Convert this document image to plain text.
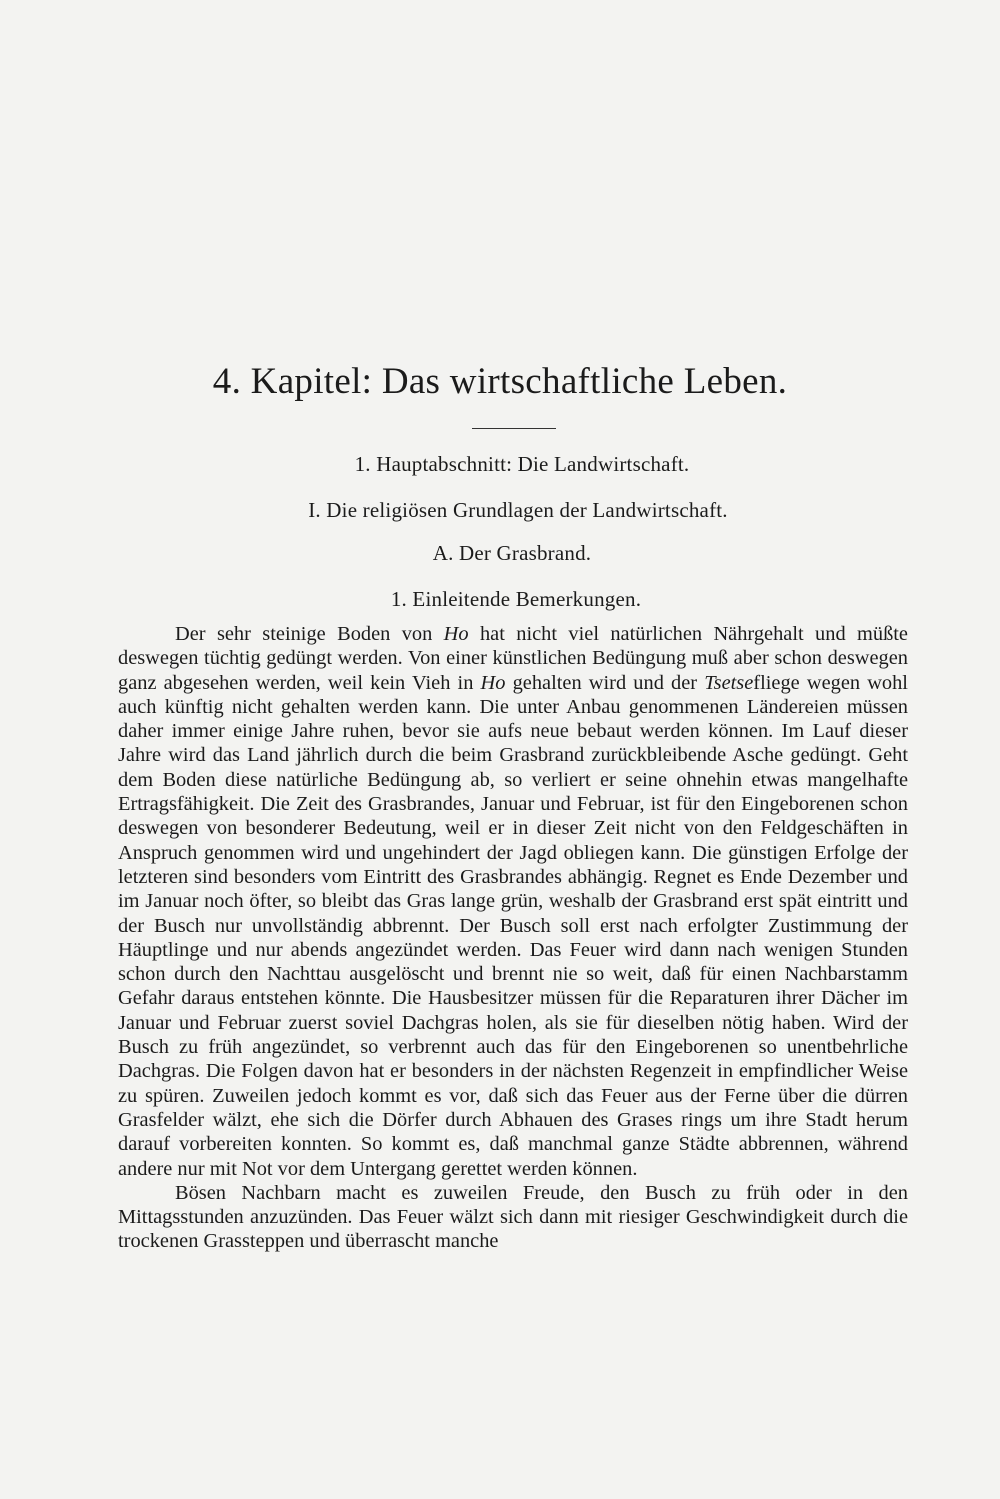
4. Kapitel: Das wirtschaftliche Leben.
1. Hauptabschnitt: Die Landwirtschaft.
I. Die religiösen Grundlagen der Landwirtschaft.
A. Der Grasbrand.
1. Einleitende Bemerkungen.

Der sehr steinige Boden von Ho hat nicht viel natürlichen Nährgehalt und müßte deswegen tüchtig gedüngt werden. Von einer künstlichen Bedüngung muß aber schon deswegen ganz abgesehen werden, weil kein Vieh in Ho gehalten wird und der Tsetsefliege wegen wohl auch künftig nicht gehalten werden kann. Die unter Anbau genommenen Ländereien müssen daher immer einige Jahre ruhen, bevor sie aufs neue bebaut werden können. Im Lauf dieser Jahre wird das Land jährlich durch die beim Grasbrand zurückbleibende Asche gedüngt. Geht dem Boden diese natürliche Bedüngung ab, so verliert er seine ohnehin etwas mangelhafte Ertragsfähigkeit. Die Zeit des Grasbrandes, Januar und Februar, ist für den Eingeborenen schon deswegen von besonderer Bedeutung, weil er in dieser Zeit nicht von den Feldgeschäften in Anspruch genommen wird und ungehindert der Jagd obliegen kann. Die günstigen Erfolge der letzteren sind besonders vom Eintritt des Grasbrandes abhängig. Regnet es Ende Dezember und im Januar noch öfter, so bleibt das Gras lange grün, weshalb der Grasbrand erst spät eintritt und der Busch nur unvollständig abbrennt. Der Busch soll erst nach erfolgter Zustimmung der Häuptlinge und nur abends angezündet werden. Das Feuer wird dann nach wenigen Stunden schon durch den Nachttau ausgelöscht und brennt nie so weit, daß für einen Nachbarstamm Gefahr daraus entstehen könnte. Die Hausbesitzer müssen für die Reparaturen ihrer Dächer im Januar und Februar zuerst soviel Dachgras holen, als sie für dieselben nötig haben. Wird der Busch zu früh angezündet, so verbrennt auch das für den Eingeborenen so unentbehrliche Dachgras. Die Folgen davon hat er besonders in der nächsten Regenzeit in empfindlicher Weise zu spüren. Zuweilen jedoch kommt es vor, daß sich das Feuer aus der Ferne über die dürren Grasfelder wälzt, ehe sich die Dörfer durch Abhauen des Grases rings um ihre Stadt herum darauf vorbereiten konnten. So kommt es, daß manchmal ganze Städte abbrennen, während andere nur mit Not vor dem Untergang gerettet werden können.

Bösen Nachbarn macht es zuweilen Freude, den Busch zu früh oder in den Mittagsstunden anzuzünden. Das Feuer wälzt sich dann mit riesiger Geschwindigkeit durch die trockenen Grassteppen und überrascht manche
